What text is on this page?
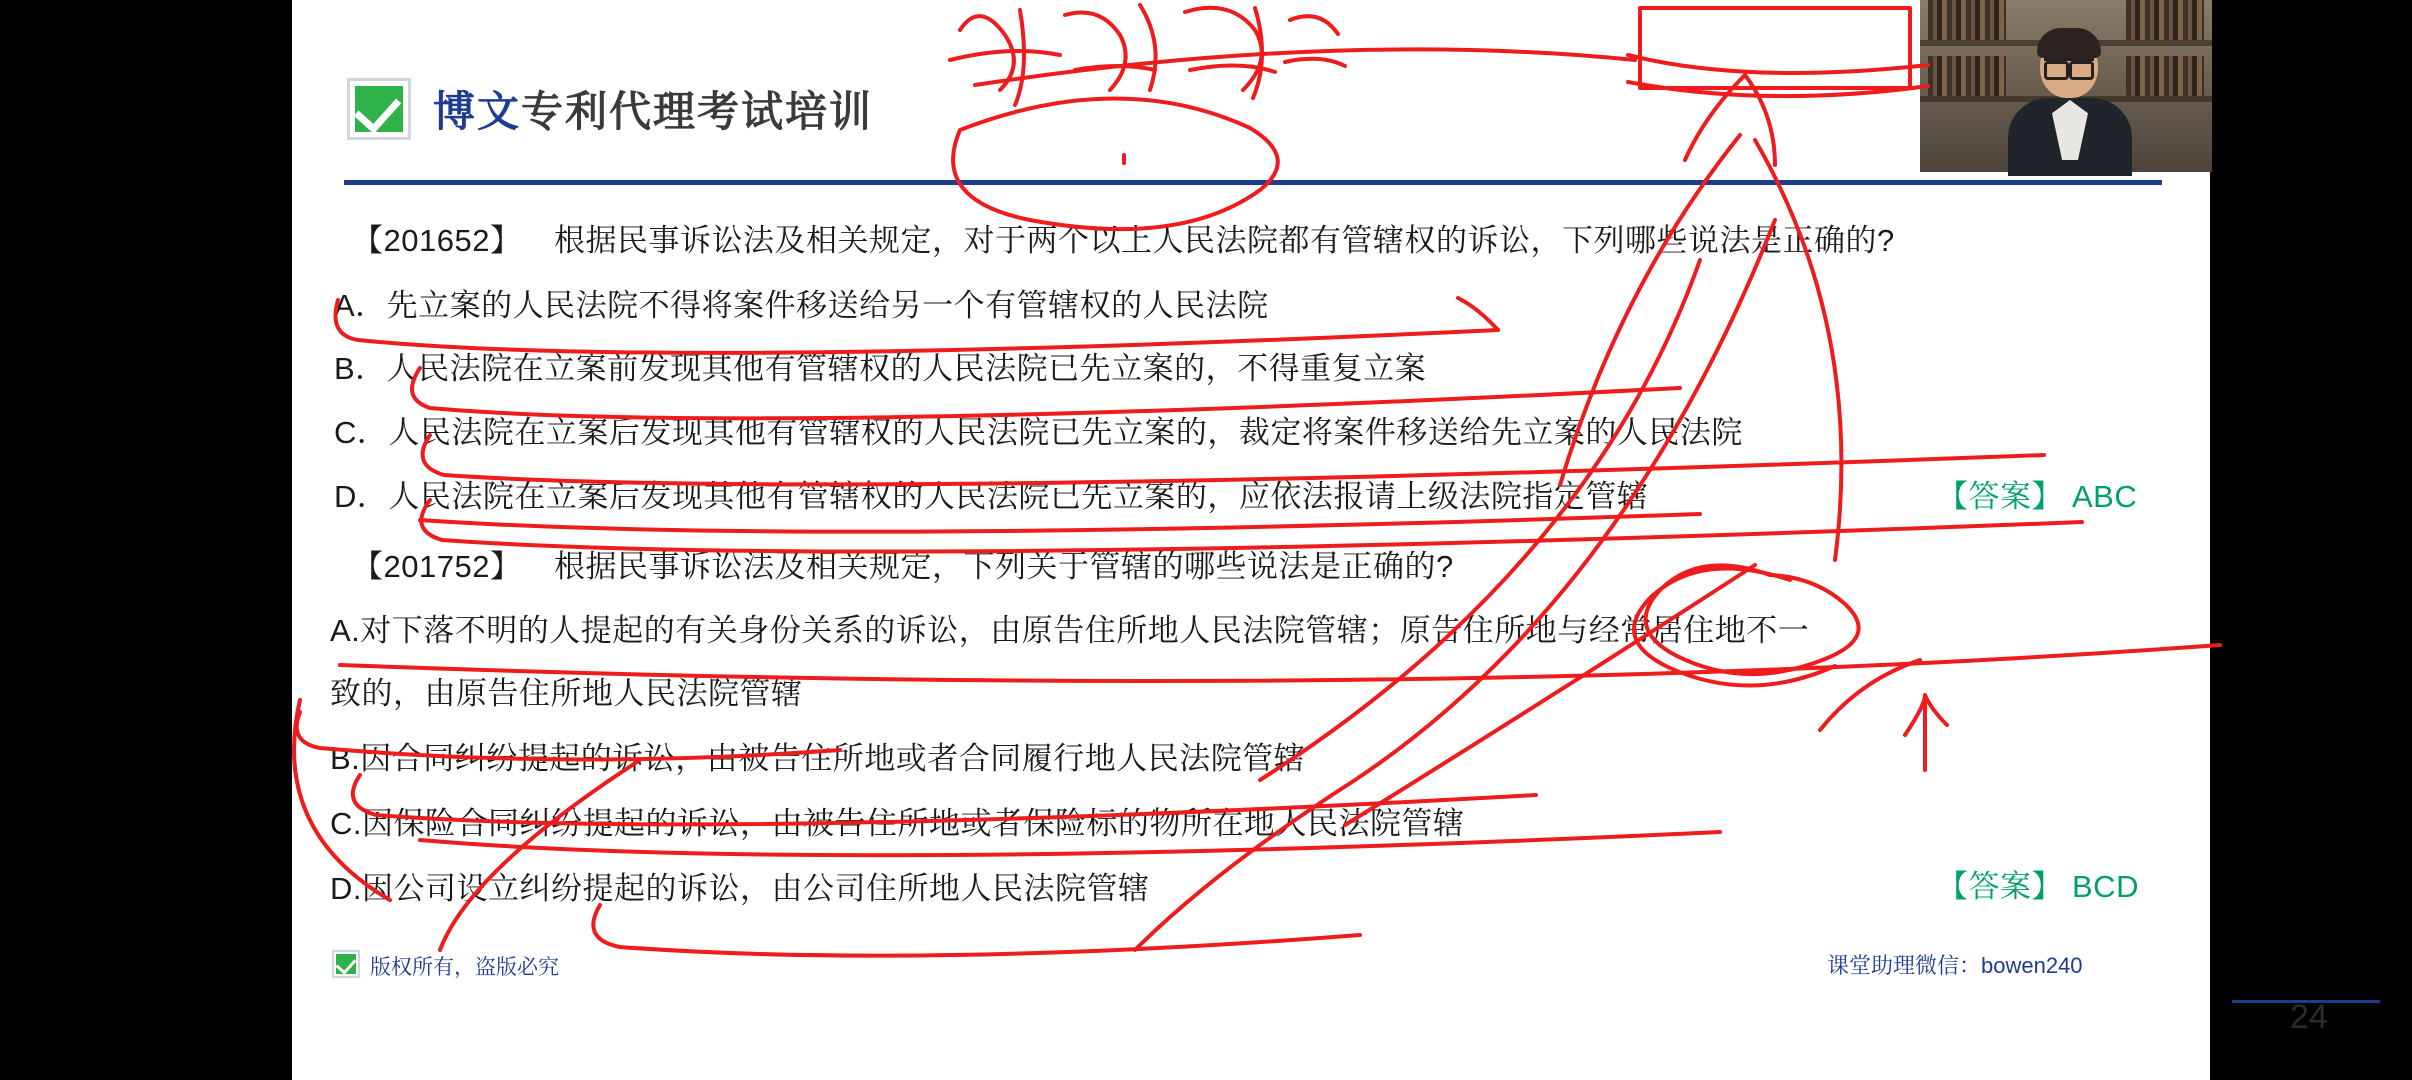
博文专利代理考试培训
【201652】 根据民事诉讼法及相关规定，对于两个以上人民法院都有管辖权的诉讼，下列哪些说法是正确的?
A．先立案的人民法院不得将案件移送给另一个有管辖权的人民法院
B．人民法院在立案前发现其他有管辖权的人民法院已先立案的，不得重复立案
C．人民法院在立案后发现其他有管辖权的人民法院已先立案的，裁定将案件移送给先立案的人民法院
D．人民法院在立案后发现其他有管辖权的人民法院已先立案的，应依法报请上级法院指定管辖	【答案】 ABC
【201752】 根据民事诉讼法及相关规定，下列关于管辖的哪些说法是正确的?
A.对下落不明的人提起的有关身份关系的诉讼，由原告住所地人民法院管辖；原告住所地与经常居住地不一
致的，由原告住所地人民法院管辖
B.因合同纠纷提起的诉讼，由被告住所地或者合同履行地人民法院管辖
C.因保险合同纠纷提起的诉讼，由被告住所地或者保险标的物所在地人民法院管辖
D.因公司设立纠纷提起的诉讼，由公司住所地人民法院管辖	【答案】 BCD
版权所有，盗版必究	课堂助理微信：bowen240
24
